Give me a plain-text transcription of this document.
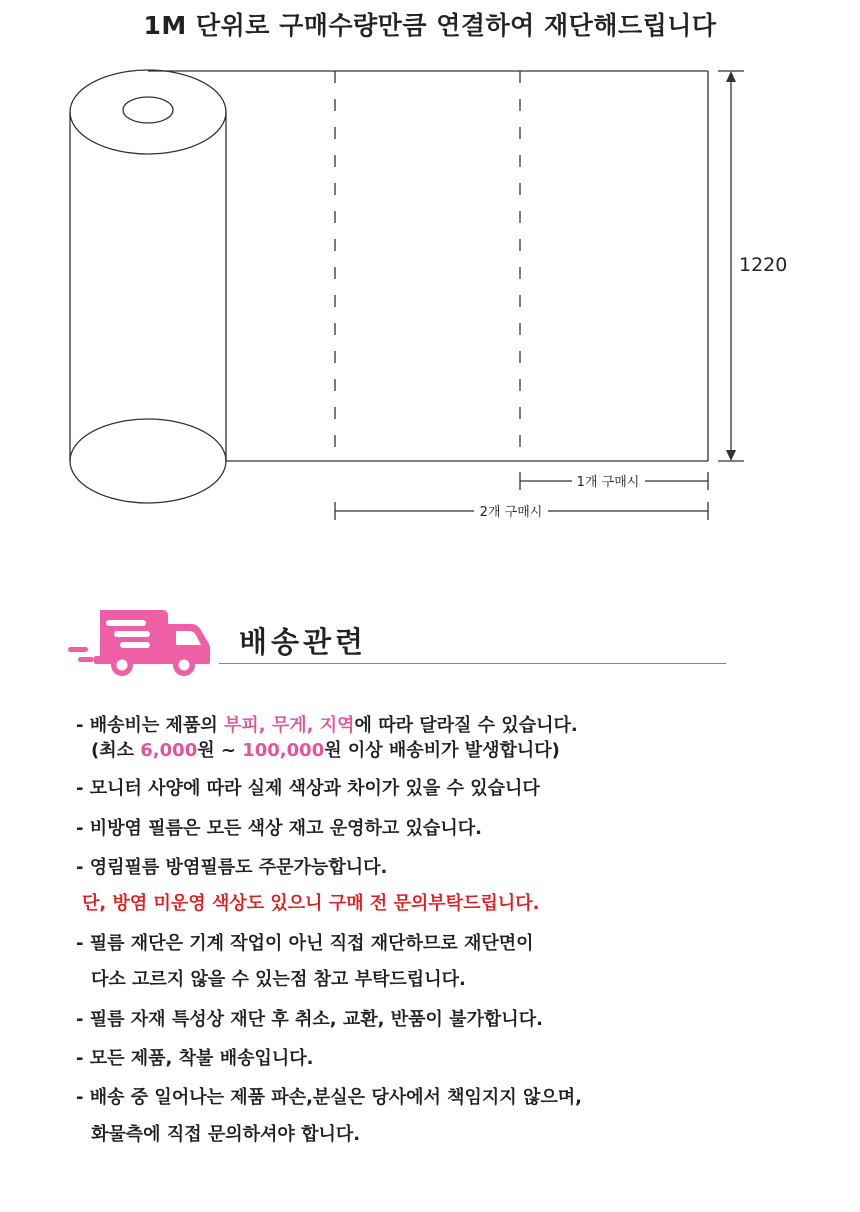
1M 단위로 구매수량만큼 연결하여 재단해드립니다
1220
1개 구매시
2개 구매시
배송관련
- 배송비는 제품의 부피, 무게, 지역에 따라 달라질 수 있습니다.
(최소 6,000원 ~ 100,000원 이상 배송비가 발생합니다)
- 모니터 사양에 따라 실제 색상과 차이가 있을 수 있습니다
- 비방염 필름은 모든 색상 재고 운영하고 있습니다.
- 영림필름 방염필름도 주문가능합니다.
단, 방염 미운영 색상도 있으니 구매 전 문의부탁드립니다.
- 필름 재단은 기계 작업이 아닌 직접 재단하므로 재단면이
다소 고르지 않을 수 있는점 참고 부탁드립니다.
- 필름 자재 특성상 재단 후 취소, 교환, 반품이 불가합니다.
- 모든 제품, 착불 배송입니다.
- 배송 중 일어나는 제품 파손,분실은 당사에서 책임지지 않으며,
화물측에 직접 문의하셔야 합니다.
